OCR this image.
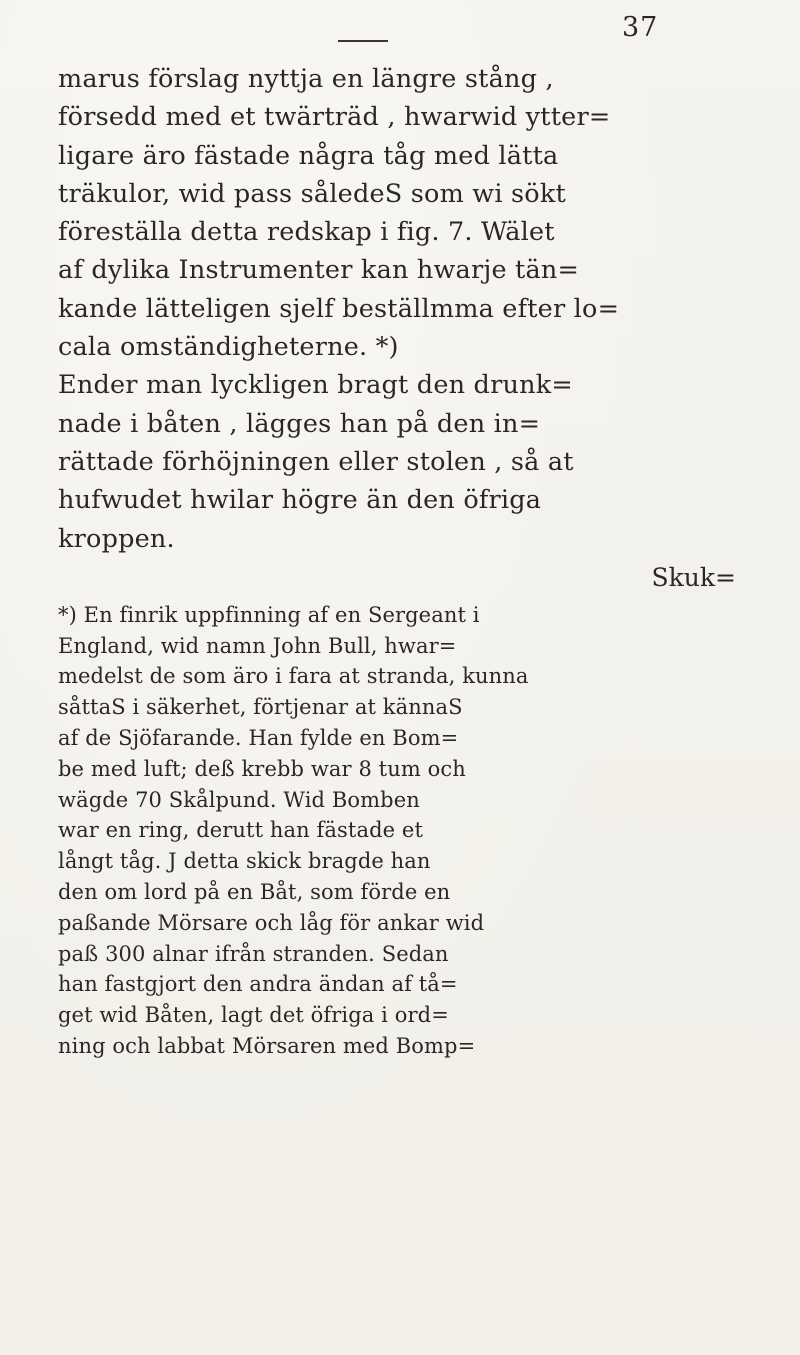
37
marus förslag nyttja en längre stång ,
försedd med et twärträd , hwarwid ytter=
ligare äro fästade några tåg med lätta
träkulor, wid pass såledeS som wi sökt
föreställa detta redskap i fig. 7. Wälet
af dylika Instrumenter kan hwarje tän=
kande lätteligen sjelf beställmma efter lo=
cala omständigheterne. *)
Ender man lyckligen bragt den drunk=
nade i båten , lägges han på den in=
rättade förhöjningen eller stolen , så at
hufwudet hwilar högre än den öfriga
kroppen.
Skuk=
*) En finrik uppfinning af en Sergeant i
England, wid namn John Bull, hwar=
medelst de som äro i fara at stranda, kunna
såttaS i säkerhet, förtjenar at kännaS
af de Sjöfarande. Han fylde en Bom=
be med luft; deß krebb war 8 tum och
wägde 70 Skålpund. Wid Bomben
war en ring, derutt han fästade et
långt tåg. J detta skick bragde han
den om lord på en Båt, som förde en
paßande Mörsare och låg för ankar wid
paß 300 alnar ifrån stranden. Sedan
han fastgjort den andra ändan af tå=
get wid Båten, lagt det öfriga i ord=
ning och labbat Mörsaren med Bomp=
